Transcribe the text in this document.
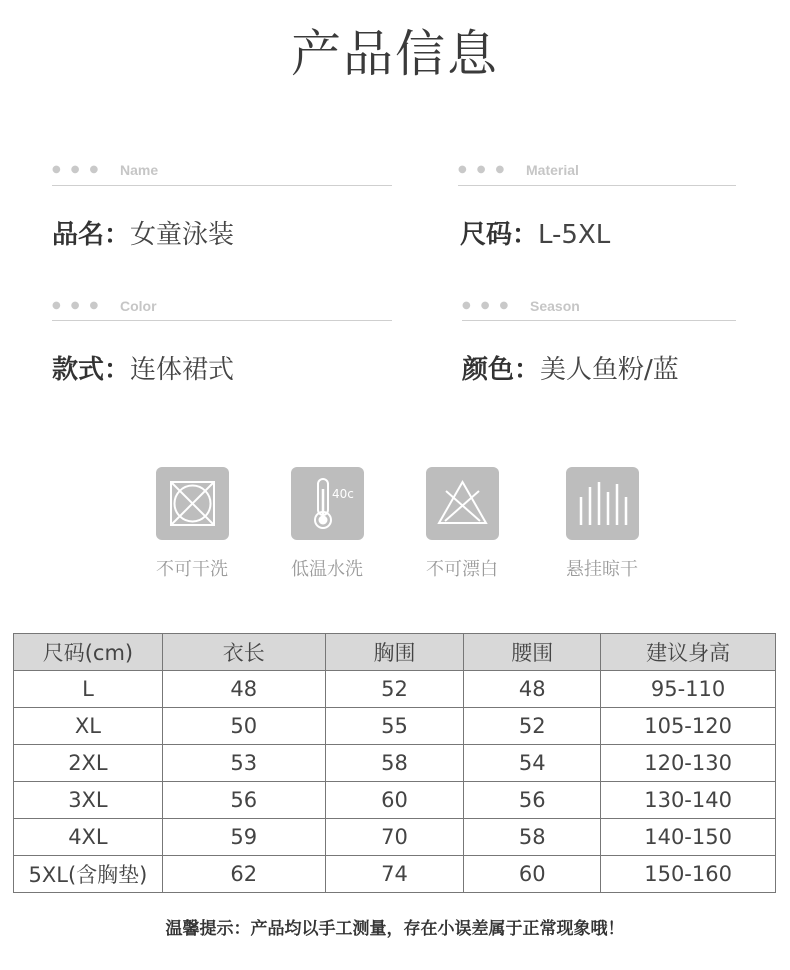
产品信息
●●● Name	●●● Material
品名：女童泳装	尺码：L-5XL
●●● Color	●●● Season
款式：连体裙式	颜色：美人鱼粉/蓝
不可干洗
40c
低温水洗	不可漂白	悬挂晾干
尺码(cm)	衣长	胸围	腰围	建议身高
L	48	52	48	95-110
XL	50	55	52	105-120
2XL	53	58	54	120-130
3XL	56	60	56	130-140
4XL	59	70	58	140-150
5XL(含胸垫)	62	74	60	150-160
温馨提示：产品均以手工测量，存在小误差属于正常现象哦！
